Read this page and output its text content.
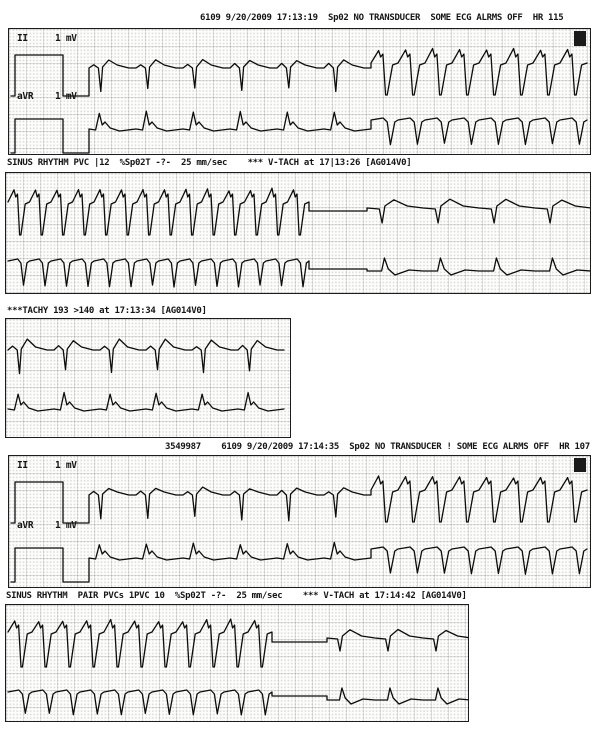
6109 9/20/2009 17:13:19  Sp02 NO TRANSDUCER  SOME ECG ALRMS OFF  HR 115
II	1 mV
aVR 1 mV
SINUS RHYTHM PVC |12  %Sp02T -?-  25 mm/sec    *** V-TACH at 17|13:26 [AG014V0]
***TACHY 193 >140 at 17:13:34 [AG014V0]
3549987    6109 9/20/2009 17:14:35  Sp02 NO TRANSDUCER ! SOME ECG ALRMS OFF  HR 107
II	1 mV
aVR 1 mV
SINUS RHYTHM  PAIR PVCs 1PVC 10  %Sp02T -?-  25 mm/sec    *** V-TACH at 17:14:42 [AG014V0]
